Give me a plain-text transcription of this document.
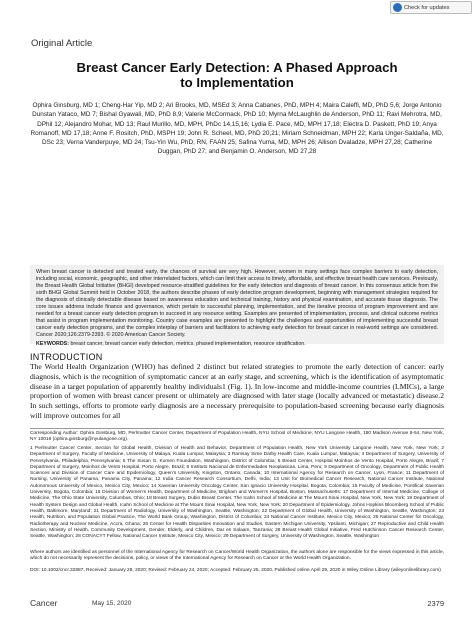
Check for updates
Original Article
Breast Cancer Early Detection: A Phased Approach
to Implementation
Ophira Ginsburg, MD 1; Cheng-Har Yip, MD 2; Ari Brooks, MD, MSEd 3; Anna Cabanes, PhD, MPH 4; Maira Caleffi, MD, PhD 5,6; Jorge Antonio Dunstan Yataco, MD 7; Bishal Gyawali, MD, PhD 8,9; Valerie McCormack, PhD 10; Myrna McLaughlin de Anderson, PhD 11; Ravi Mehrotra, MD, DPhil 12; Alejandro Mohar, MD 13; Raul Murillo, MD, MPH, PhDc 14,15,16; Lydia E. Pace, MD, MPH 17,18; Electra D. Paskett, PhD 19; Anya Romanoff, MD 17,18; Anne F. Rositch, PhD, MSPH 19; John R. Scheel, MD, PhD 20,21; Miriam Schneidman, MPH 22; Karla Unger-Saldaña, MD, DSc 23; Verna Vanderpuye, MD 24; Tsu-Yin Wu, PhD, RN, FAAN 25; Safina Yuma, MD, MPH 26; Allison Dvaladze, MPH 27,28; Catherine Duggan, PhD 27; and Benjamin O. Anderson, MD 27,28
When breast cancer is detected and treated early, the chances of survival are very high. However, women in many settings face complex barriers to early detection, including social, economic, geographic, and other interrelated factors, which can limit their access to timely, affordable, and effective breast health care services. Previously, the Breast Health Global Initiative (BHGI) developed resource-stratified guidelines for the early detection and diagnosis of breast cancer. In this consensus article from the sixth BHGI Global Summit held in October 2018, the authors describe phases of early detection program development, beginning with management strategies required for the diagnosis of clinically detectable disease based on awareness education and technical training, history and physical examination, and accurate tissue diagnosis. The core issues address include finance and governance, which pertain to successful planning, implementation, and the iterative process of program improvement and are needed for a breast cancer early detection program to succeed in any resource setting. Examples are presented of implementation, process, and clinical outcome metrics that assist in program implementation monitoring. Country case examples are presented to highlight the challenges and opportunities of implementing successful breast cancer early detection programs, and the complex interplay of barriers and facilitators to achieving early detection for breast cancer in real-world settings are considered. Cancer 2020;126:2379-2393. © 2020 American Cancer Society.
KEYWORDS: breast cancer, breast cancer early detection, metrics, phased implementation, resource stratification.
INTRODUCTION
The World Health Organization (WHO) has defined 2 distinct but related strategies to promote the early detection of cancer: early diagnosis, which is the recognition of symptomatic cancer at an early stage, and screening, which is the identification of asymptomatic disease in a target population of apparently healthy individuals1 (Fig. 1). In low-income and middle-income countries (LMICs), a large proportion of women with breast cancer present or ultimately are diagnosed with later stage (locally advanced or metastatic) disease.2 In such settings, efforts to promote early diagnosis are a necessary prerequisite to population-based screening because early diagnosis will improve outcomes for all
Corresponding Author: Ophira Ginsburg, MD, Perlmutter Cancer Center, Department of Population Health, NYU School of Medicine, NYU Langone Health, 180 Madison Avenue 8-54, New York, NY 10016 (ophira.ginsburg@nyulangone.org).
1 Perlmutter Cancer Center, Section for Global Health, Division of Health and Behavior, Department of Population Health, New York University Langone Health, New York, New York; 2 Department of Surgery, Faculty of Medicine, University of Malaya, Kuala Lumpur, Malaysia; 3 Ramsay Sime Darby Health Care, Kuala Lumpur, Malaysia; 4 Department of Surgery, University of Pennsylvania, Philadelphia, Pennsylvania; 5 The Susan G. Komen Foundation, Washington, District of Columbia; 6 Breast Center, Hospital Moinhos de Vento Hospital, Porto Alegre, Brazil; 7 Department of Surgery, Moinhos de Vento Hospital, Porto Alegre, Brazil; 8 Instituto Nacional de Enfermedades Neoplasicas, Lima, Peru; 9 Department of Oncology, Department of Public Health Sciences and Division of Cancer Care and Epidemiology, Queen's University, Kingston, Ontario, Canada; 10 International Agency for Research on Cancer, Lyon, France; 11 Department of Nursing, University of Panama, Panama City, Panama; 12 India Cancer Research Consortium, Delhi, India; 13 Unit for Biomedical Cancer Research, National Cancer Institute, National Autonomous University of Mexico, Mexico City, Mexico; 14 Xaverian University Oncology Center, San Ignacio University Hospital, Bogota, Colombia; 15 Faculty of Medicine, Pontifical Xaverian University, Bogota, Colombia; 16 Division of Women's Health, Department of Medicine, Brigham and Women's Hospital, Boston, Massachusetts; 17 Department of Internal Medicine, College of Medicine, The Ohio State University, Columbus, Ohio; 18 Breast Surgery, Dubin Breast Center, The Icahn School of Medicine at The Mount Sinai Hospital, New York, New York; 19 Department of Health System Design and Global Health, Icahn School of Medicine at The Mount Sinai Hospital, New York, New York; 20 Department of Epidemiology, Johns Hopkins Bloomberg School of Public Health, Baltimore, Maryland; 21 Department of Radiology, University of Washington, Seattle, Washington; 22 Department of Global Health, University of Washington, Seattle, Washington; 23 Health, Nutrition, and Population Global Practice, The World Bank Group, Washington, District of Columbia; 24 National Cancer Institute, Mexico City, Mexico; 25 National Center for Oncology, Radiotherapy and Nuclear Medicine, Accra, Ghana; 26 Center for Health Disparities Innovation and Studies, Eastern Michigan University, Ypsilanti, Michigan; 27 Reproductive and Child Health Section, Ministry of Health, Community Development, Gender, Elderly, and Children, Dar es Salaam, Tanzania; 28 Breast Health Global Initiative, Fred Hutchinson Cancer Research Center, Seattle, Washington; 28 CONACYT Fellow, National Cancer Institute, Mexico City, Mexico; 29 Department of Surgery, University of Washington, Seattle, Washington
Where authors are identified as personnel of the International Agency for Research on Cancer/World Health Organization, the authors alone are responsible for the views expressed in this article, which do not necessarily represent the decisions, policy, or views of the International Agency for Research on Cancer or the World Health Organization.
DOI: 10.1002/cncr.32887, Received: January 28, 2020; Revised: February 24, 2020; Accepted: February 25, 2020, Published online April 29, 2020 in Wiley Online Library (wileyonlinelibrary.com)
Cancer	May 15, 2020	2379
